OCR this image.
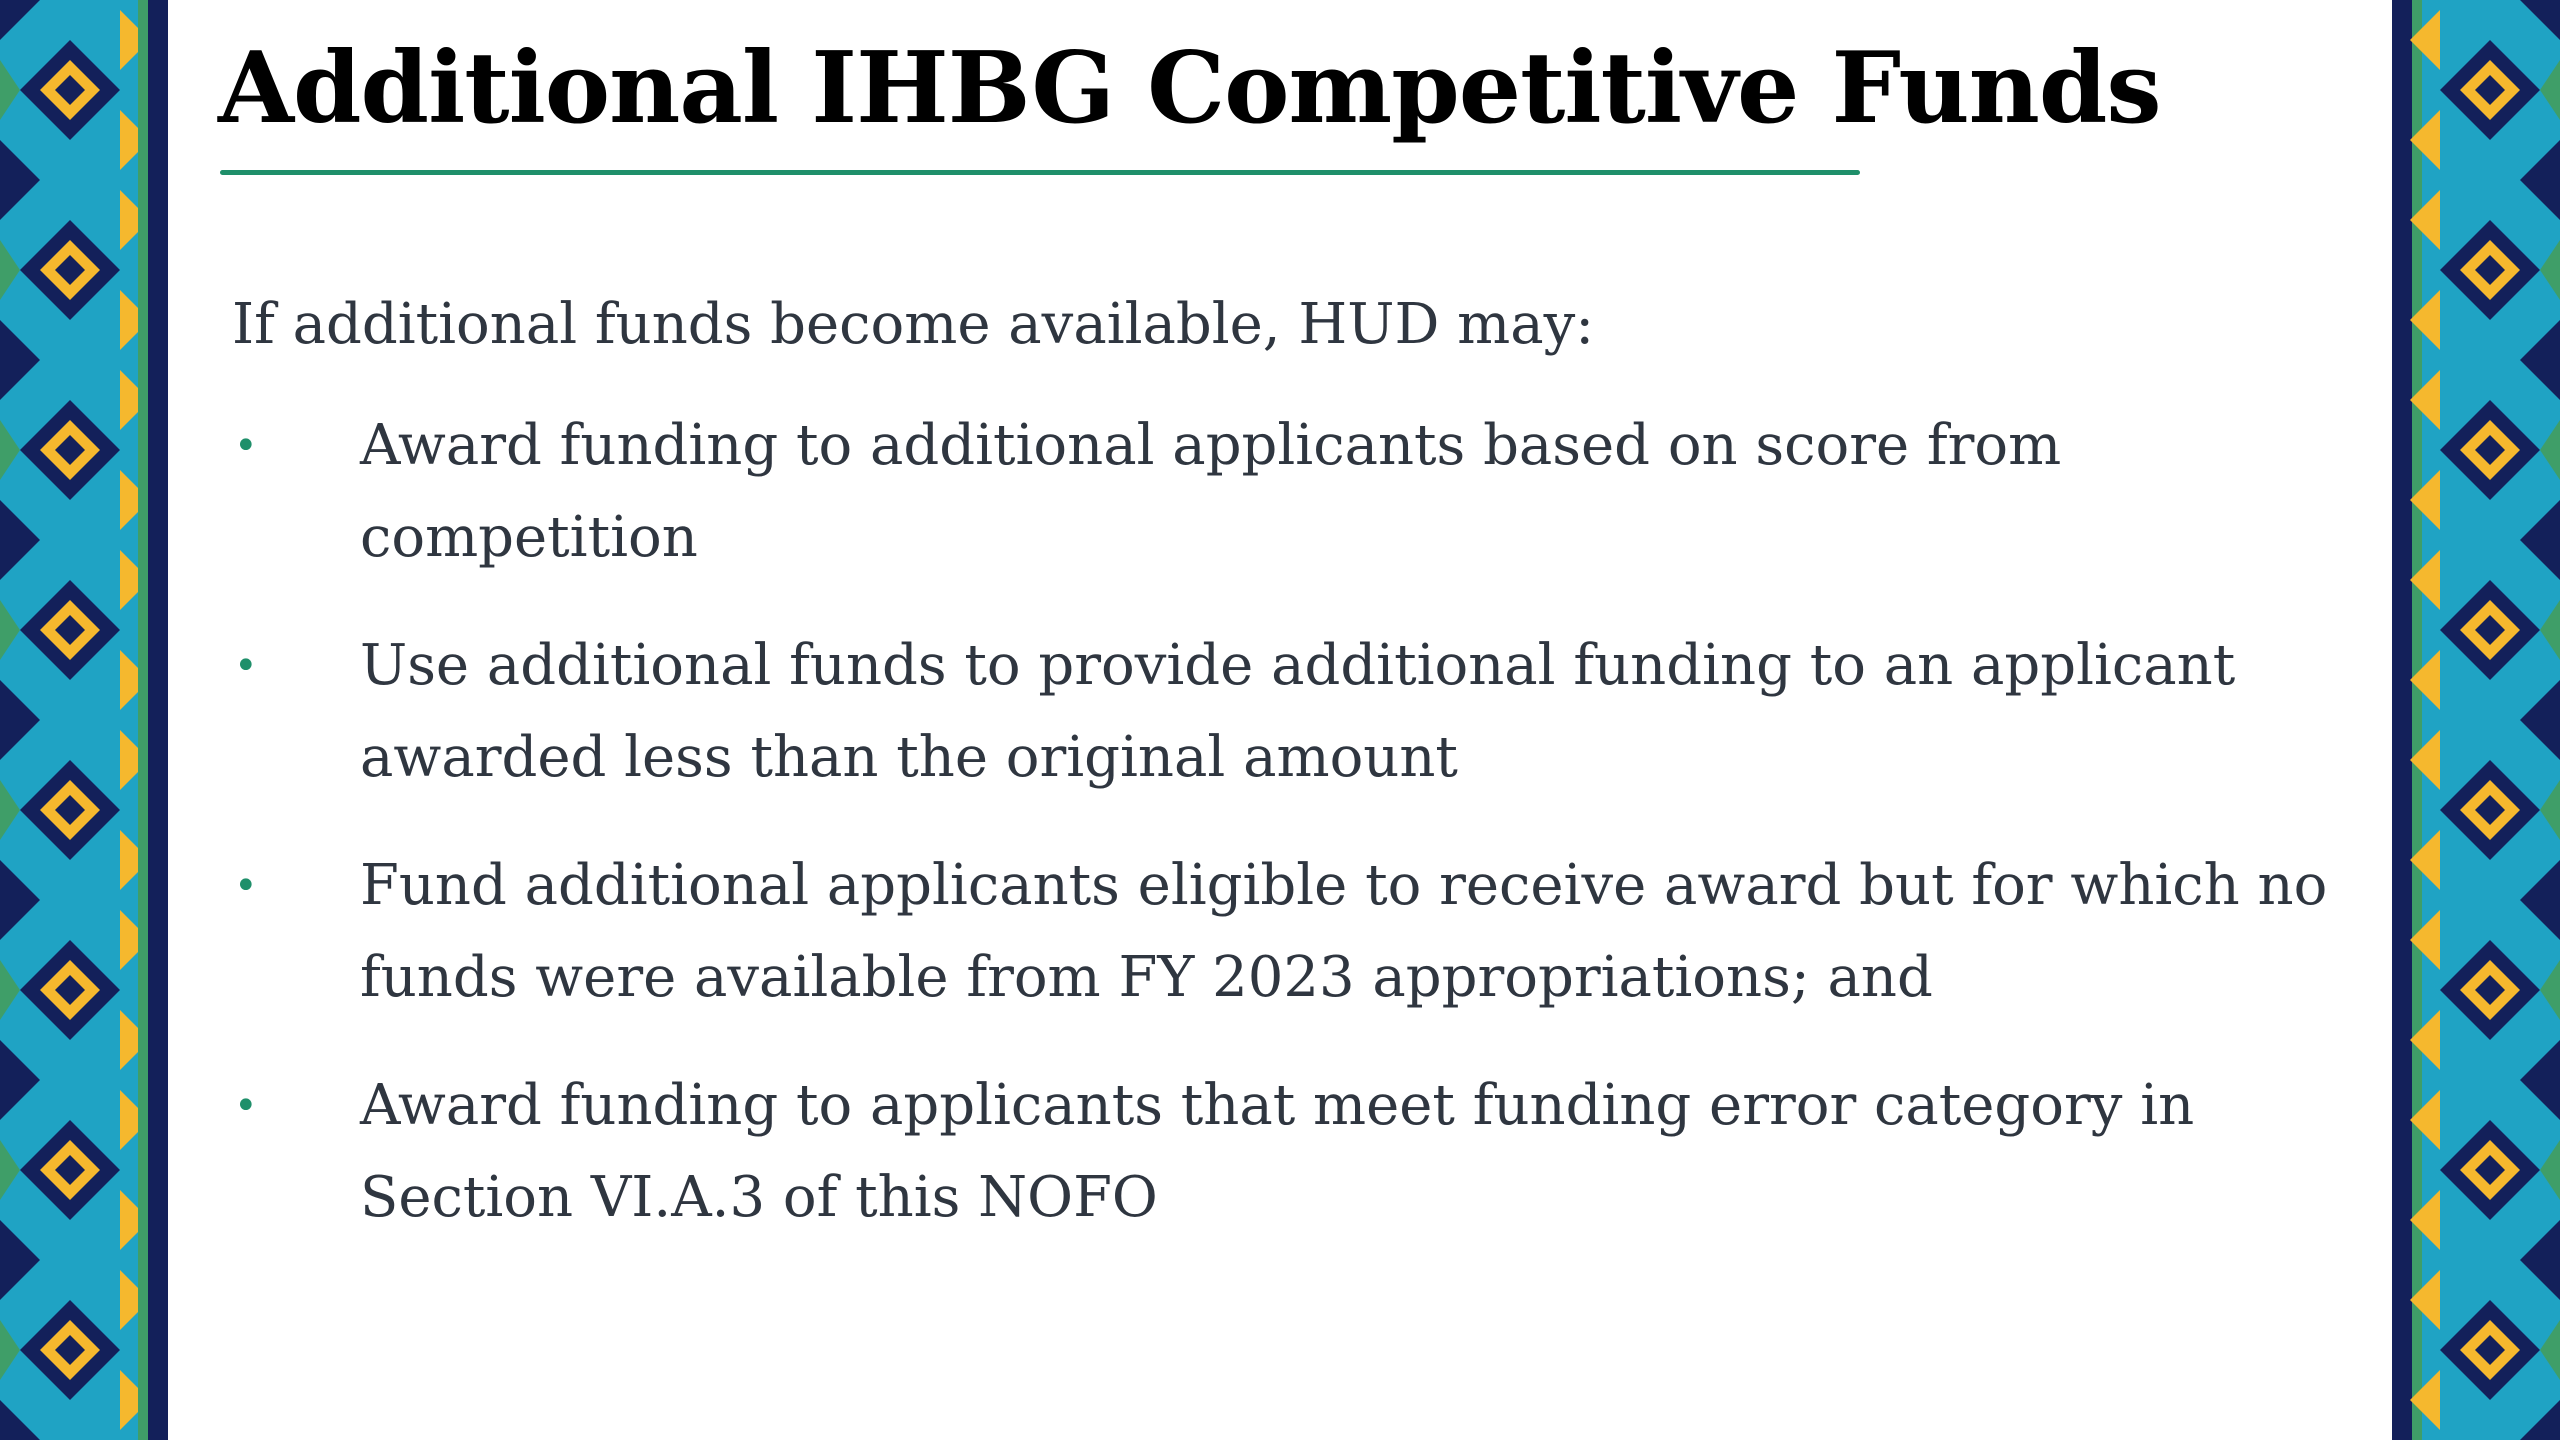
Additional IHBG Competitive Funds

If additional funds become available, HUD may:

• Award funding to additional applicants based on score from competition
• Use additional funds to provide additional funding to an applicant awarded less than the original amount
• Fund additional applicants eligible to receive award but for which no funds were available from FY 2023 appropriations; and
• Award funding to applicants that meet funding error category in Section VI.A.3 of this NOFO
